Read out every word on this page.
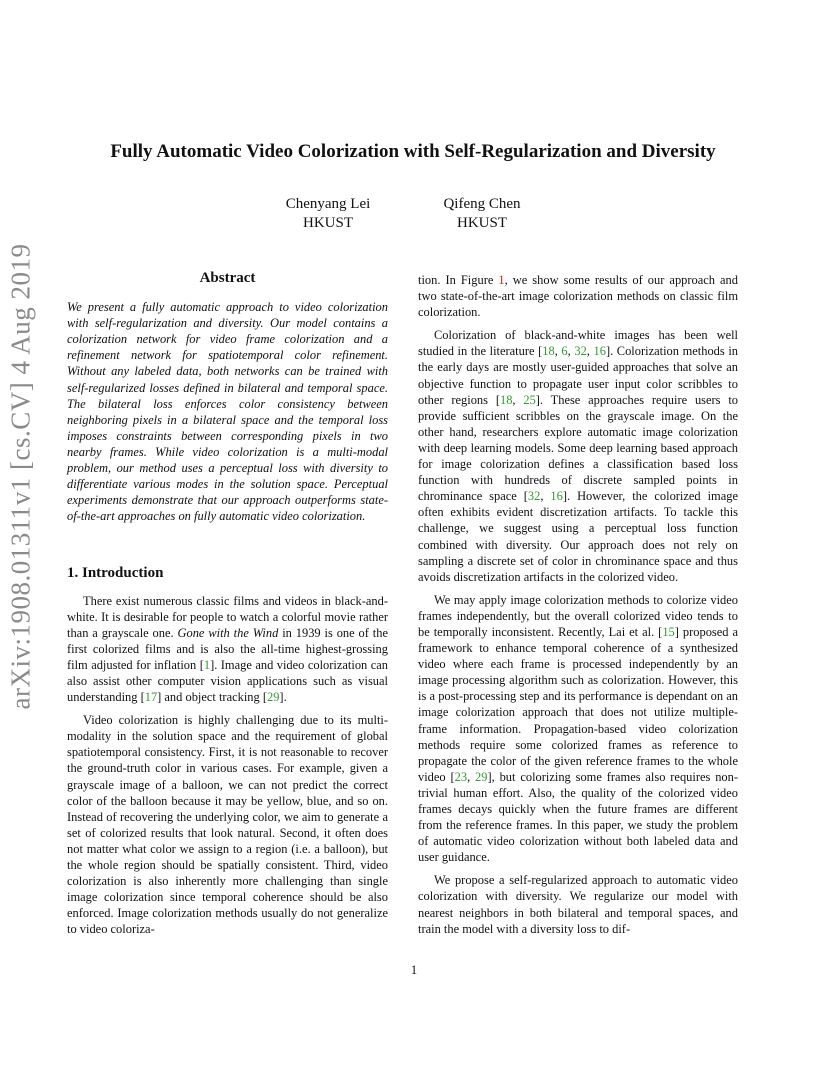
arXiv:1908.01311v1 [cs.CV] 4 Aug 2019
Fully Automatic Video Colorization with Self-Regularization and Diversity
Chenyang Lei
HKUST
Qifeng Chen
HKUST
Abstract

We present a fully automatic approach to video colorization with self-regularization and diversity. Our model contains a colorization network for video frame colorization and a refinement network for spatiotemporal color refinement. Without any labeled data, both networks can be trained with self-regularized losses defined in bilateral and temporal space. The bilateral loss enforces color consistency between neighboring pixels in a bilateral space and the temporal loss imposes constraints between corresponding pixels in two nearby frames. While video colorization is a multi-modal problem, our method uses a perceptual loss with diversity to differentiate various modes in the solution space. Perceptual experiments demonstrate that our approach outperforms state-of-the-art approaches on fully automatic video colorization.

1. Introduction

There exist numerous classic films and videos in black-and-white. It is desirable for people to watch a colorful movie rather than a grayscale one. Gone with the Wind in 1939 is one of the first colorized films and is also the all-time highest-grossing film adjusted for inflation [1]. Image and video colorization can also assist other computer vision applications such as visual understanding [17] and object tracking [29].

Video colorization is highly challenging due to its multi-modality in the solution space and the requirement of global spatiotemporal consistency. First, it is not reasonable to recover the ground-truth color in various cases. For example, given a grayscale image of a balloon, we can not predict the correct color of the balloon because it may be yellow, blue, and so on. Instead of recovering the underlying color, we aim to generate a set of colorized results that look natural. Second, it often does not matter what color we assign to a region (i.e. a balloon), but the whole region should be spatially consistent. Third, video colorization is also inherently more challenging than single image colorization since temporal coherence should be also enforced. Image colorization methods usually do not generalize to video coloriza-

tion. In Figure 1, we show some results of our approach and two state-of-the-art image colorization methods on classic film colorization.

Colorization of black-and-white images has been well studied in the literature [18, 6, 32, 16]. Colorization methods in the early days are mostly user-guided approaches that solve an objective function to propagate user input color scribbles to other regions [18, 25]. These approaches require users to provide sufficient scribbles on the grayscale image. On the other hand, researchers explore automatic image colorization with deep learning models. Some deep learning based approach for image colorization defines a classification based loss function with hundreds of discrete sampled points in chrominance space [32, 16]. However, the colorized image often exhibits evident discretization artifacts. To tackle this challenge, we suggest using a perceptual loss function combined with diversity. Our approach does not rely on sampling a discrete set of color in chrominance space and thus avoids discretization artifacts in the colorized video.

We may apply image colorization methods to colorize video frames independently, but the overall colorized video tends to be temporally inconsistent. Recently, Lai et al. [15] proposed a framework to enhance temporal coherence of a synthesized video where each frame is processed independently by an image processing algorithm such as colorization. However, this is a post-processing step and its performance is dependant on an image colorization approach that does not utilize multiple-frame information. Propagation-based video colorization methods require some colorized frames as reference to propagate the color of the given reference frames to the whole video [23, 29], but colorizing some frames also requires non-trivial human effort. Also, the quality of the colorized video frames decays quickly when the future frames are different from the reference frames. In this paper, we study the problem of automatic video colorization without both labeled data and user guidance.

We propose a self-regularized approach to automatic video colorization with diversity. We regularize our model with nearest neighbors in both bilateral and temporal spaces, and train the model with a diversity loss to dif-

1
